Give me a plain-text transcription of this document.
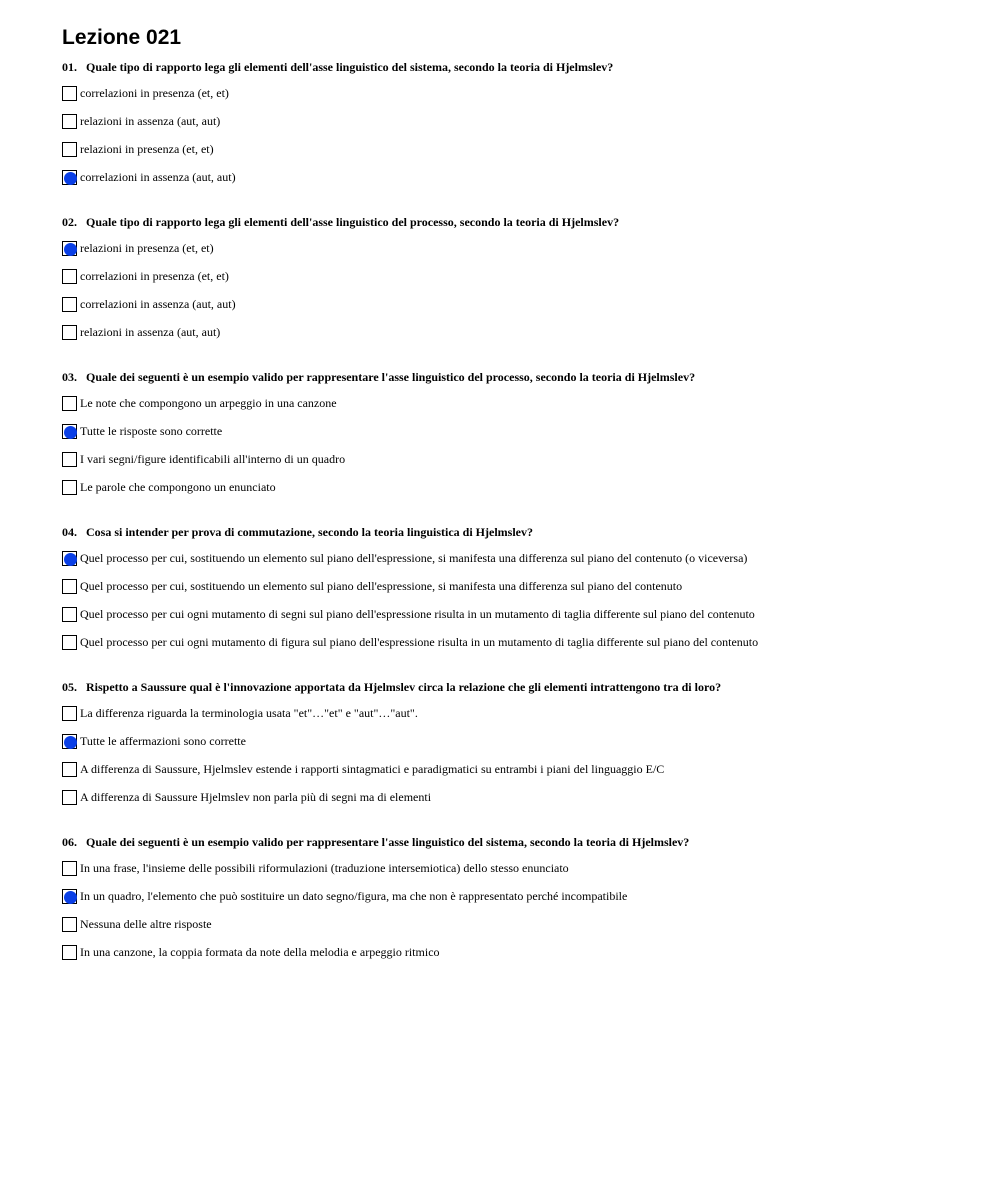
Lezione 021
01. Quale tipo di rapporto lega gli elementi dell'asse linguistico del sistema, secondo la teoria di Hjelmslev?
correlazioni in presenza (et, et)
relazioni in assenza (aut, aut)
relazioni in presenza (et, et)
correlazioni in assenza (aut, aut)
02. Quale tipo di rapporto lega gli elementi dell'asse linguistico del processo, secondo la teoria di Hjelmslev?
relazioni in presenza (et, et)
correlazioni in presenza (et, et)
correlazioni in assenza (aut, aut)
relazioni in assenza (aut, aut)
03. Quale dei seguenti è un esempio valido per rappresentare l'asse linguistico del processo, secondo la teoria di Hjelmslev?
Le note che compongono un arpeggio in una canzone
Tutte le risposte sono corrette
I vari segni/figure identificabili all'interno di un quadro
Le parole che compongono un enunciato
04. Cosa si intender per prova di commutazione, secondo la teoria linguistica di Hjelmslev?
Quel processo per cui, sostituendo un elemento sul piano dell'espressione, si manifesta una differenza sul piano del contenuto (o viceversa)
Quel processo per cui, sostituendo un elemento sul piano dell'espressione, si manifesta una differenza sul piano del contenuto
Quel processo per cui ogni mutamento di segni sul piano dell'espressione risulta in un mutamento di taglia differente sul piano del contenuto
Quel processo per cui ogni mutamento di figura sul piano dell'espressione risulta in un mutamento di taglia differente sul piano del contenuto
05. Rispetto a Saussure qual è l'innovazione apportata da Hjelmslev circa la relazione che gli elementi intrattengono tra di loro?
La differenza riguarda la terminologia usata "et"…"et" e "aut"…"aut".
Tutte le affermazioni sono corrette
A differenza di Saussure, Hjelmslev estende i rapporti sintagmatici e paradigmatici su entrambi i piani del linguaggio E/C
A differenza di Saussure Hjelmslev non parla più di segni ma di elementi
06. Quale dei seguenti è un esempio valido per rappresentare l'asse linguistico del sistema, secondo la teoria di Hjelmslev?
In una frase, l'insieme delle possibili riformulazioni (traduzione intersemiotica) dello stesso enunciato
In un quadro, l'elemento che può sostituire un dato segno/figura, ma che non è rappresentato perché incompatibile
Nessuna delle altre risposte
In una canzone, la coppia formata da note della melodia e arpeggio ritmico
